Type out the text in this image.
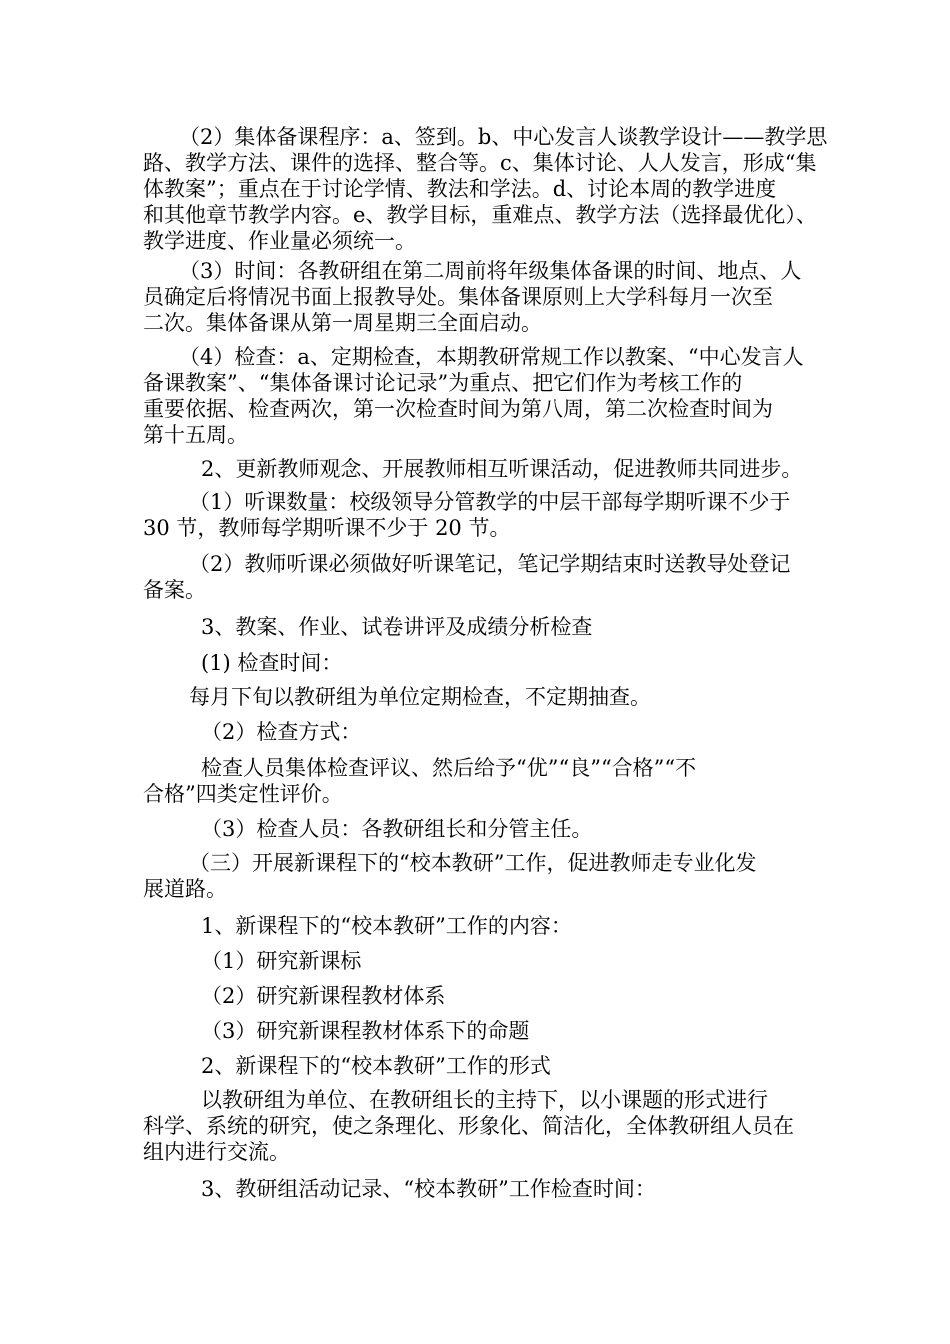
（2）集体备课程序：a、签到。b、中心发言人谈教学设计——教学思
路、教学方法、课件的选择、整合等。c、集体讨论、人人发言，形成“集
体教案”；重点在于讨论学情、教法和学法。d、讨论本周的教学进度
和其他章节教学内容。e、教学目标，重难点、教学方法（选择最优化）、
教学进度、作业量必须统一。

（3）时间：各教研组在第二周前将年级集体备课的时间、地点、人
员确定后将情况书面上报教导处。集体备课原则上大学科每月一次至
二次。集体备课从第一周星期三全面启动。

（4）检查：a、定期检查，本期教研常规工作以教案、“中心发言人
备课教案”、“集体备课讨论记录”为重点、把它们作为考核工作的
重要依据、检查两次，第一次检查时间为第八周，第二次检查时间为
第十五周。

2、更新教师观念、开展教师相互听课活动，促进教师共同进步。

（1）听课数量：校级领导分管教学的中层干部每学期听课不少于
30 节，教师每学期听课不少于 20 节。

（2）教师听课必须做好听课笔记，笔记学期结束时送教导处登记
备案。

3、教案、作业、试卷讲评及成绩分析检查

(1) 检查时间：

每月下旬以教研组为单位定期检查，不定期抽查。

（2）检查方式：

检查人员集体检查评议、然后给予“优”“良”“合格”“不
合格”四类定性评价。

（3）检查人员：各教研组长和分管主任。

（三）开展新课程下的“校本教研”工作，促进教师走专业化发
展道路。

1、新课程下的“校本教研”工作的内容：

（1）研究新课标

（2）研究新课程教材体系

（3）研究新课程教材体系下的命题

2、新课程下的“校本教研”工作的形式

以教研组为单位、在教研组长的主持下，以小课题的形式进行
科学、系统的研究，使之条理化、形象化、简洁化，全体教研组人员在
组内进行交流。

3、教研组活动记录、“校本教研”工作检查时间：
